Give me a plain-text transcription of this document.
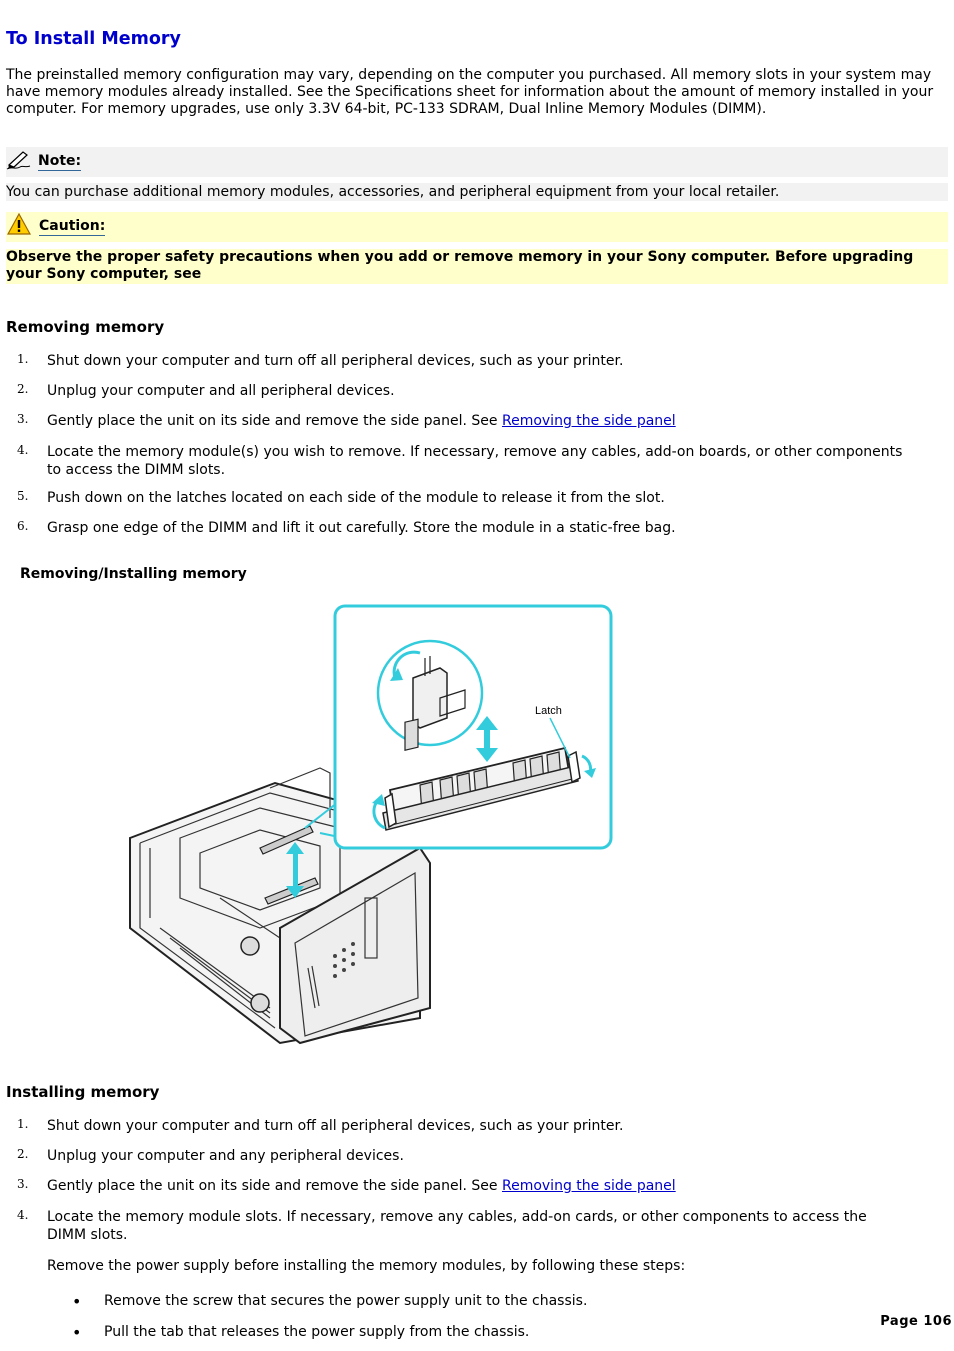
To Install Memory

The preinstalled memory configuration may vary, depending on the computer you purchased. All memory slots in your system may have memory modules already installed. See the Specifications sheet for information about the amount of memory installed in your computer. For memory upgrades, use only 3.3V 64-bit, PC-133 SDRAM, Dual Inline Memory Modules (DIMM).

Note:
You can purchase additional memory modules, accessories, and peripheral equipment from your local retailer.
Caution:
Observe the proper safety precautions when you add or remove memory in your Sony computer. Before upgrading your Sony computer, see
Removing memory
1. Shut down your computer and turn off all peripheral devices, such as your printer.
2. Unplug your computer and all peripheral devices.
3. Gently place the unit on its side and remove the side panel. See Removing the side panel
4. Locate the memory module(s) you wish to remove. If necessary, remove any cables, add-on boards, or other components to access the DIMM slots.
5. Push down on the latches located on each side of the module to release it from the slot.
6. Grasp one edge of the DIMM and lift it out carefully. Store the module in a static-free bag.
Removing/Installing memory
Latch
Installing memory
1. Shut down your computer and turn off all peripheral devices, such as your printer.
2. Unplug your computer and any peripheral devices.
3. Gently place the unit on its side and remove the side panel. See Removing the side panel
4. Locate the memory module slots. If necessary, remove any cables, add-on cards, or other components to access the DIMM slots.
Remove the power supply before installing the memory modules, by following these steps:
• Remove the screw that secures the power supply unit to the chassis.
• Pull the tab that releases the power supply from the chassis.
Page 106
